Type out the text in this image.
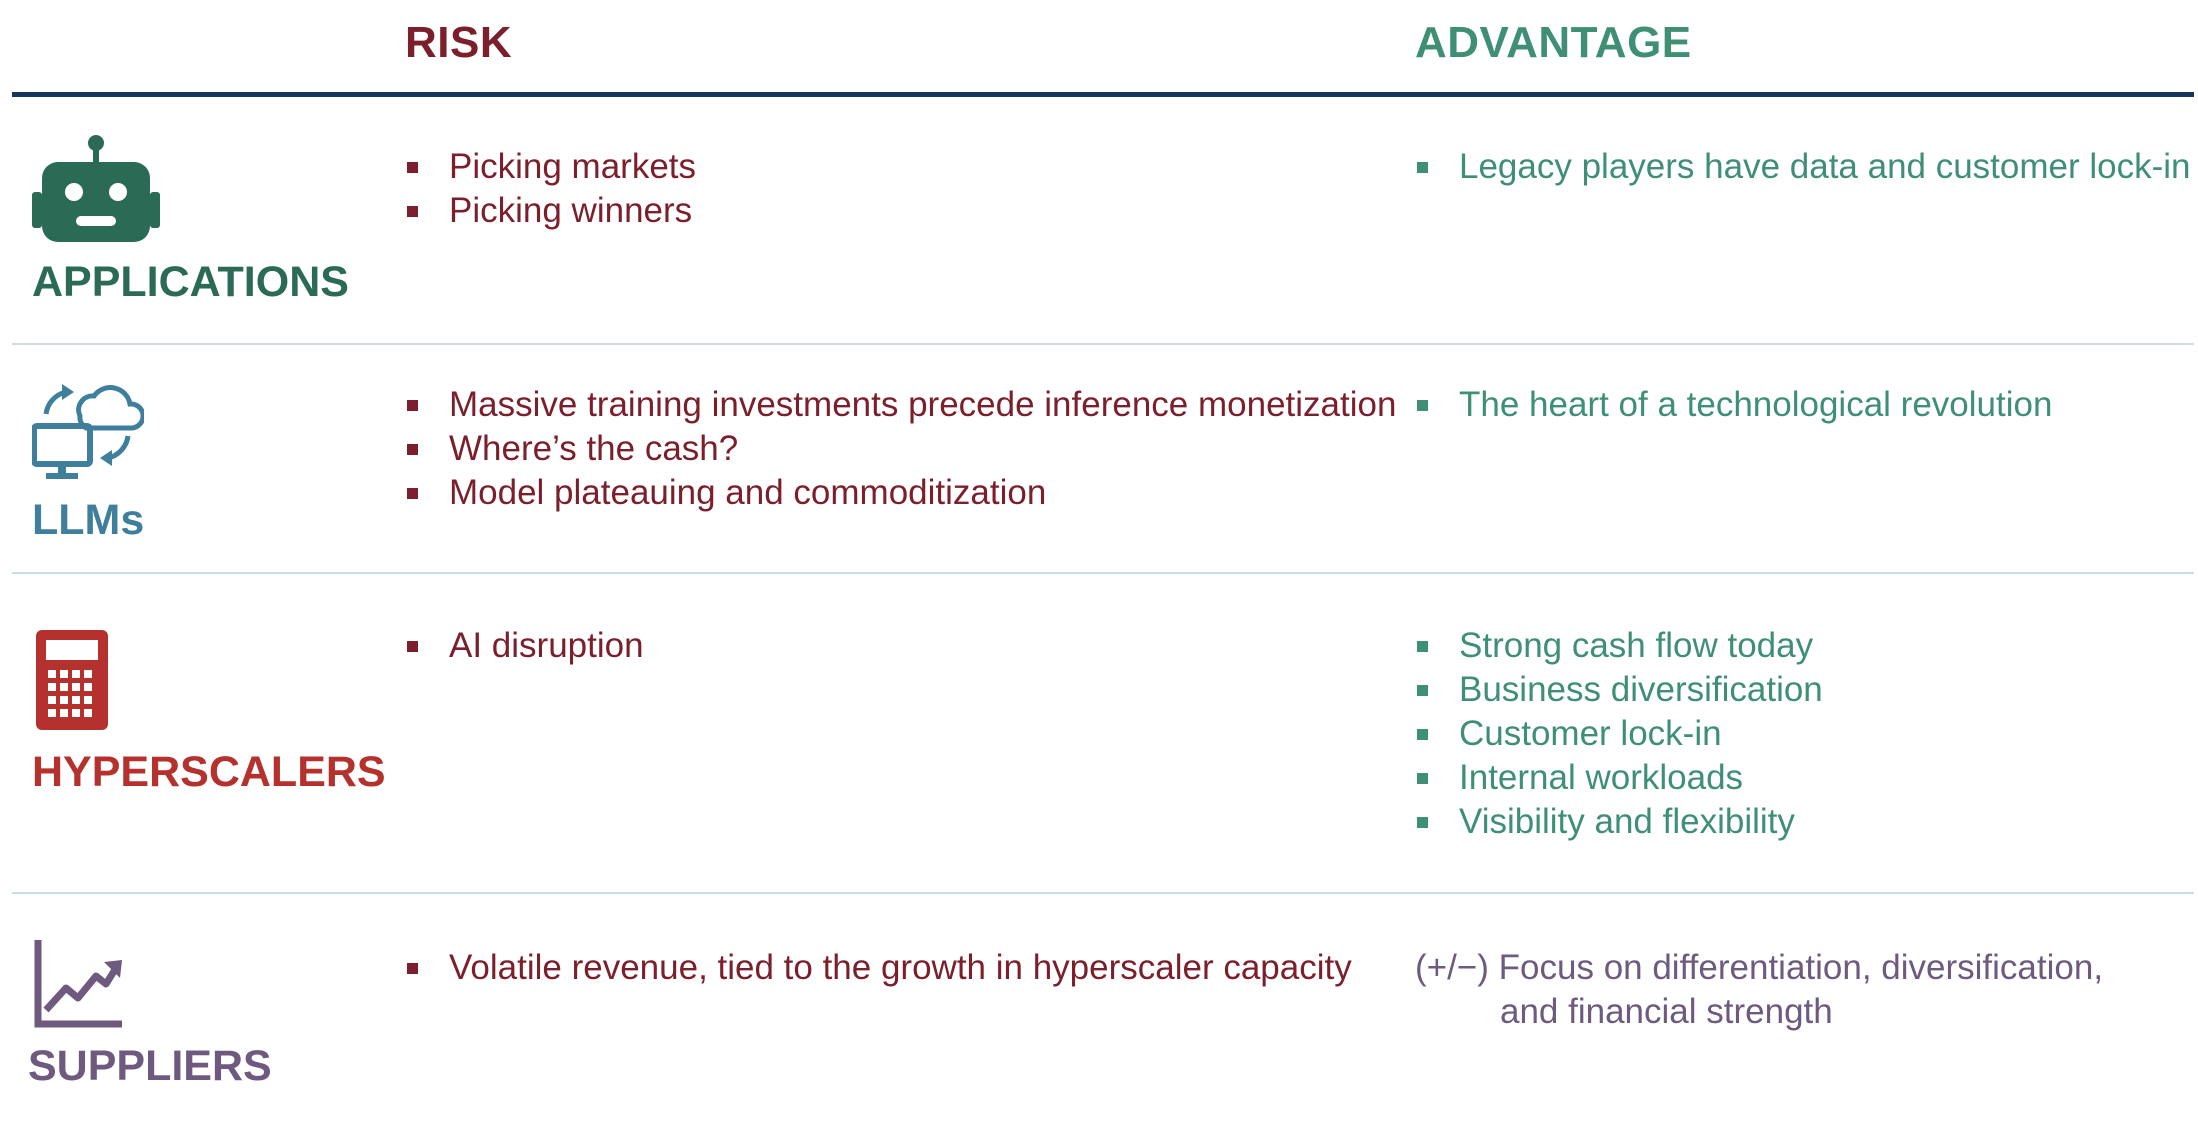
RISK	ADVANTAGE
APPLICATIONS
Picking markets
Picking winners
Legacy players have data and customer lock-in
LLMs
Massive training investments precede inference monetization
Where’s the cash?
Model plateauing and commoditization
The heart of a technological revolution
HYPERSCALERS
AI disruption	Strong cash flow today
Business diversification
Customer lock-in
Internal workloads
Visibility and flexibility
SUPPLIERS
Volatile revenue, tied to the growth in hyperscaler capacity (+/−) Focus on differentiation, diversification,
and financial strength
